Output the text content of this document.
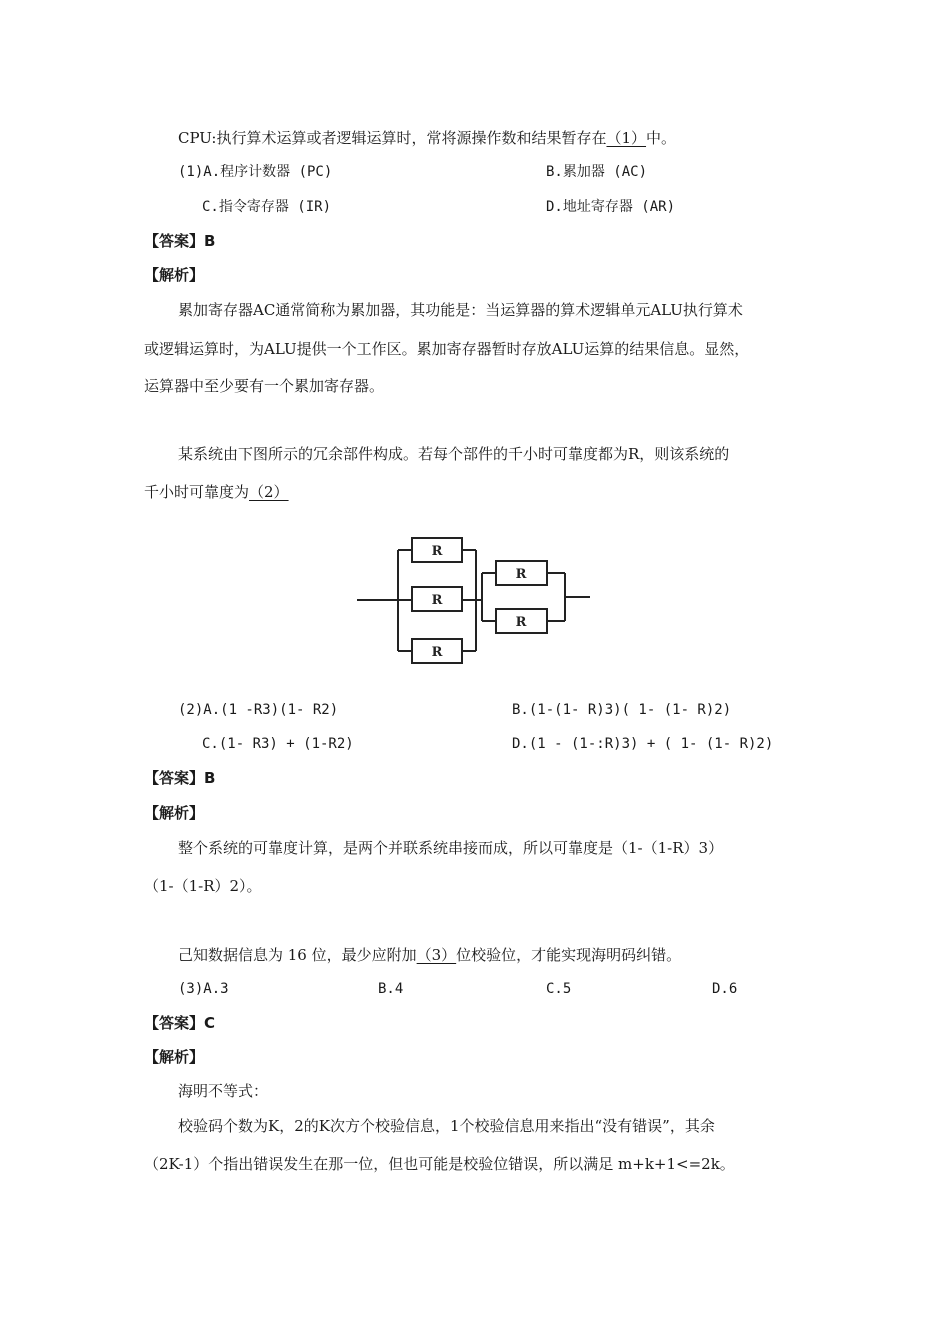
CPU:执行算术运算或者逻辑运算时，常将源操作数和结果暂存在（1）中。
(1)A.程序计数器 (PC)	B.累加器 (AC)
C.指令寄存器 (IR)	D.地址寄存器 (AR)
【答案】B
【解析】
累加寄存器AC通常简称为累加器，其功能是：当运算器的算术逻辑单元ALU执行算术
或逻辑运算时，为ALU提供一个工作区。累加寄存器暂时存放ALU运算的结果信息。显然，
运算器中至少要有一个累加寄存器。
某系统由下图所示的冗余部件构成。若每个部件的千小时可靠度都为R，则该系统的
千小时可靠度为（2）
R
R
R
R
R
(2)A.(1 -R3)(1- R2)	B.(1-(1- R)3)( 1- (1- R)2)
C.(1- R3) + (1-R2)	D.(1 - (1-:R)3) + ( 1- (1- R)2)
【答案】B
【解析】
整个系统的可靠度计算，是两个并联系统串接而成，所以可靠度是（1-（1-R）3）
（1-（1-R）2）。
己知数据信息为 16 位，最少应附加（3）位校验位，才能实现海明码纠错。
(3)A.3	B.4	C.5	D.6
【答案】C
【解析】
海明不等式：
校验码个数为K，2的K次方个校验信息，1个校验信息用来指出“没有错误”，其余
（2K-1）个指出错误发生在那一位，但也可能是校验位错误，所以满足 m+k+1<=2k。
